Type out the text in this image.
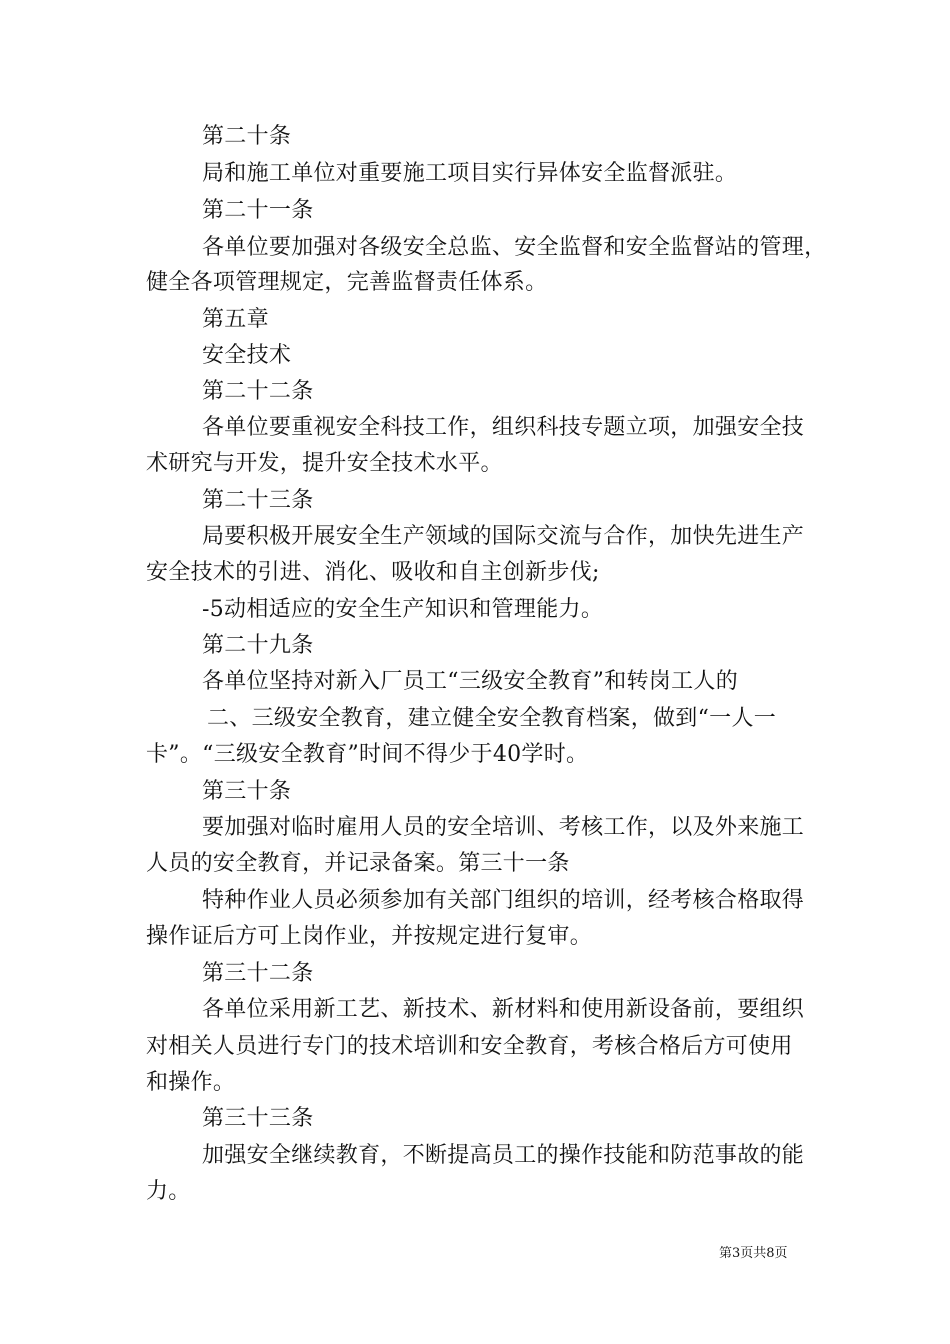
第二十条
局和施工单位对重要施工项目实行异体安全监督派驻。
第二十一条
各单位要加强对各级安全总监、安全监督和安全监督站的管理，
健全各项管理规定，完善监督责任体系。
第五章
安全技术
第二十二条
各单位要重视安全科技工作，组织科技专题立项，加强安全技
术研究与开发，提升安全技术水平。
第二十三条
局要积极开展安全生产领域的国际交流与合作，加快先进生产
安全技术的引进、消化、吸收和自主创新步伐;
-5动相适应的安全生产知识和管理能力。
第二十九条
各单位坚持对新入厂员工“三级安全教育”和转岗工人的
二、三级安全教育，建立健全安全教育档案，做到“一人一
卡”。“三级安全教育”时间不得少于40学时。
第三十条
要加强对临时雇用人员的安全培训、考核工作，以及外来施工
人员的安全教育，并记录备案。第三十一条
特种作业人员必须参加有关部门组织的培训，经考核合格取得
操作证后方可上岗作业，并按规定进行复审。
第三十二条
各单位采用新工艺、新技术、新材料和使用新设备前，要组织
对相关人员进行专门的技术培训和安全教育，考核合格后方可使用
和操作。
第三十三条
加强安全继续教育，不断提高员工的操作技能和防范事故的能
力。
第3页共8页
